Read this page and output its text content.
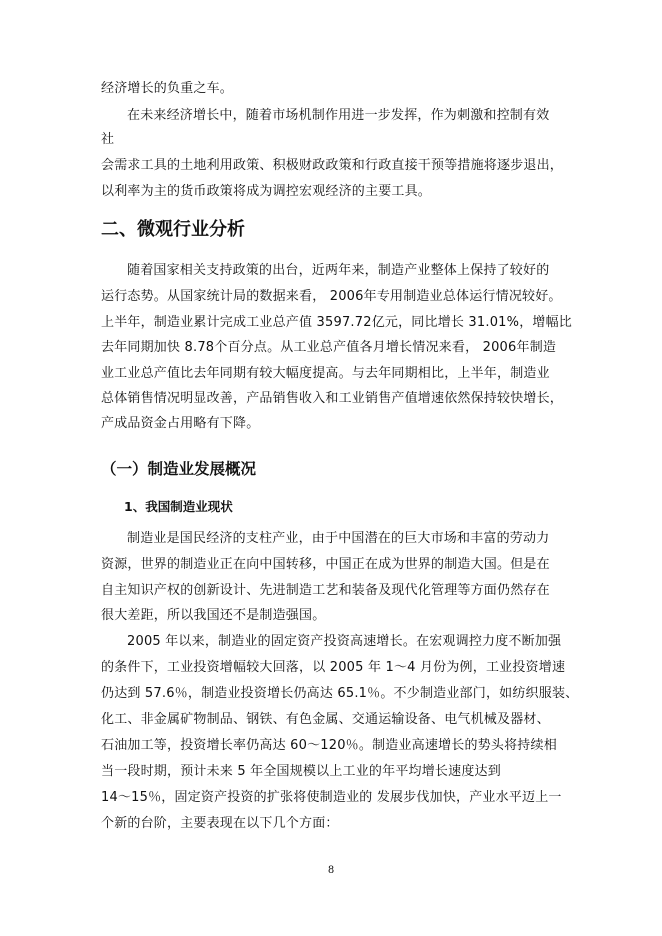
经济增长的负重之车。
在未来经济增长中，随着市场机制作用进一步发挥，作为刺激和控制有效
社
会需求工具的土地利用政策、积极财政政策和行政直接干预等措施将逐步退出，
以利率为主的货币政策将成为调控宏观经济的主要工具。
二、微观行业分析
随着国家相关支持政策的出台，近两年来，制造产业整体上保持了较好的
运行态势。从国家统计局的数据来看， 2006年专用制造业总体运行情况较好。
上半年，制造业累计完成工业总产值 3597.72亿元，同比增长 31.01%，增幅比
去年同期加快 8.78个百分点。从工业总产值各月增长情况来看， 2006年制造
业工业总产值比去年同期有较大幅度提高。与去年同期相比，上半年，制造业
总体销售情况明显改善，产品销售收入和工业销售产值增速依然保持较快增长，
产成品资金占用略有下降。
（一）制造业发展概况
1、我国制造业现状
制造业是国民经济的支柱产业，由于中国潜在的巨大市场和丰富的劳动力
资源，世界的制造业正在向中国转移，中国正在成为世界的制造大国。但是在
自主知识产权的创新设计、先进制造工艺和装备及现代化管理等方面仍然存在
很大差距，所以我国还不是制造强国。
2005 年以来，制造业的固定资产投资高速增长。在宏观调控力度不断加强
的条件下，工业投资增幅较大回落，以 2005 年 1～4 月份为例，工业投资增速
仍达到 57.6％，制造业投资增长仍高达 65.1％。不少制造业部门，如纺织服装、
化工、非金属矿物制品、钢铁、有色金属、交通运输设备、电气机械及器材、
石油加工等，投资增长率仍高达 60～120％。制造业高速增长的势头将持续相
当一段时期，预计未来 5 年全国规模以上工业的年平均增长速度达到
14～15％，固定资产投资的扩张将使制造业的 发展步伐加快，产业水平迈上一
个新的台阶，主要表现在以下几个方面：
8
